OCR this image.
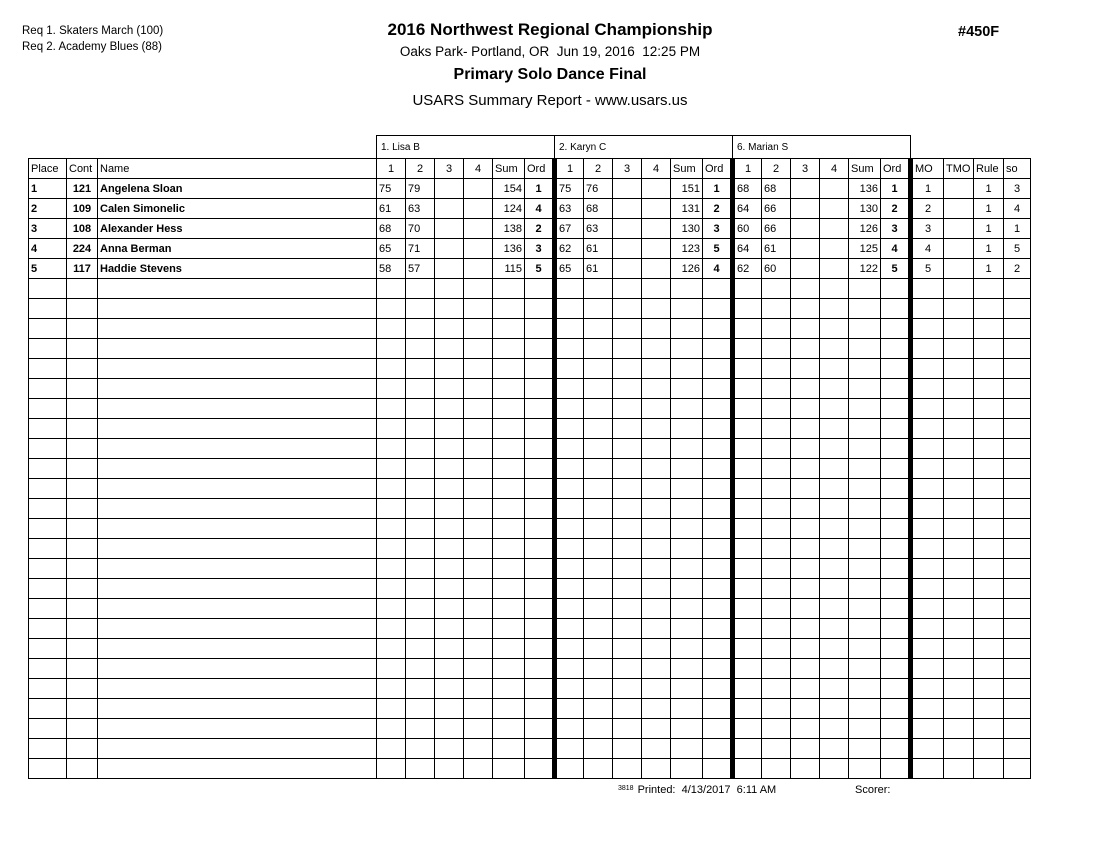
Req 1. Skaters March (100)
Req 2. Academy Blues (88)
2016 Northwest Regional Championship
Oaks Park- Portland, OR  Jun 19, 2016  12:25 PM
Primary Solo Dance Final
USARS Summary Report - www.usars.us
#450F
			1. Lisa B						2. Karyn C						6. Marian S									
Place	Cont	Name	1	2	3	4	Sum	Ord	1	2	3	4	Sum	Ord	1	2	3	4	Sum	Ord	MO	TMO	Rule	so
1	121	Angelena Sloan	75	79			154	1	75	76			151	1	68	68			136	1	1		1	3
2	109	Calen Simonelic	61	63			124	4	63	68			131	2	64	66			130	2	2		1	4
3	108	Alexander Hess	68	70			138	2	67	63			130	3	60	66			126	3	3		1	1
4	224	Anna Berman	65	71			136	3	62	61			123	5	64	61			125	4	4		1	5
5	117	Haddie Stevens	58	57			115	5	65	61			126	4	62	60			122	5	5		1	2

$^{3818}$ Printed:  4/13/2017  6:11 AM	Scorer:
